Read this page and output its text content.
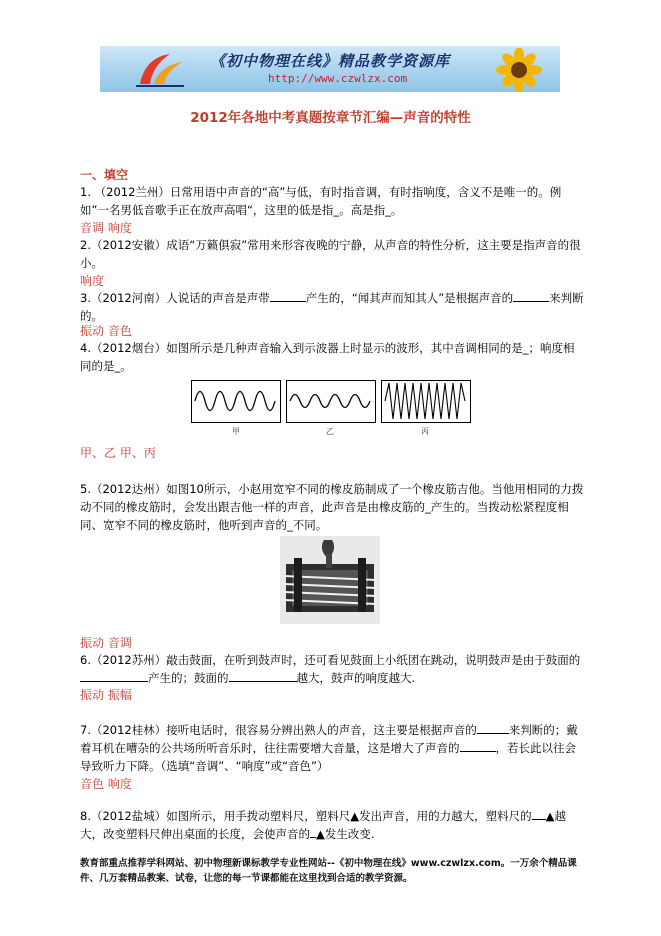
《初中物理在线》精品教学资源库
http://www.czwlzx.com
2012年各地中考真题按章节汇编—声音的特性
一、填空

1. （2012兰州）日常用语中声音的“高”与低，有时指音调，有时指响度，含义不是唯一的。例如”一名男低音歌手正在放声高唱“，这里的低是指_。高是指_。

音调 响度

2.（2012安徽）成语“万籁俱寂”常用来形容夜晚的宁静，从声音的特性分析，这主要是指声音的很小。

响度

3.（2012河南）人说话的声音是声带	产生的，“闻其声而知其人”是根据声音的	来判断的。

振动 音色

4.（2012烟台）如图所示是几种声音输入到示波器上时显示的波形，其中音调相同的是_；响度相同的是_。

甲	乙	丙
甲、乙 甲、丙

5.（2012达州）如图10所示，小赵用宽窄不同的橡皮筋制成了一个橡皮筋吉他。当他用相同的力拨动不同的橡皮筋时，会发出跟吉他一样的声音，此声音是由橡皮筋的_产生的。当拨动松紧程度相同、宽窄不同的橡皮筋时，他听到声音的_不同。

振动 音调

6.（2012苏州）敲击鼓面，在听到鼓声时，还可看见鼓面上小纸团在跳动，说明鼓声是由于鼓面的产生的；鼓面的	越大，鼓声的响度越大.

振动 振幅

7.（2012桂林）接听电话时，很容易分辨出熟人的声音，这主要是根据声音的	来判断的；戴着耳机在嘈杂的公共场所听音乐时，往往需要增大音量，这是增大了声音的	，若长此以往会导致听力下降。（选填“音调”、“响度”或“音色”）

音色 响度

8.（2012盐城）如图所示，用手拨动塑料尺，塑料尺▲发出声音，用的力越大，塑料尺的 ▲越大，改变塑料尺伸出桌面的长度，会使声音的 ▲发生改变.

教育部重点推荐学科网站、初中物理新课标教学专业性网站--《初中物理在线》www.czwlzx.com。一万余个精品课件、几万套精品教案、试卷，让您的每一节课都能在这里找到合适的教学资源。
